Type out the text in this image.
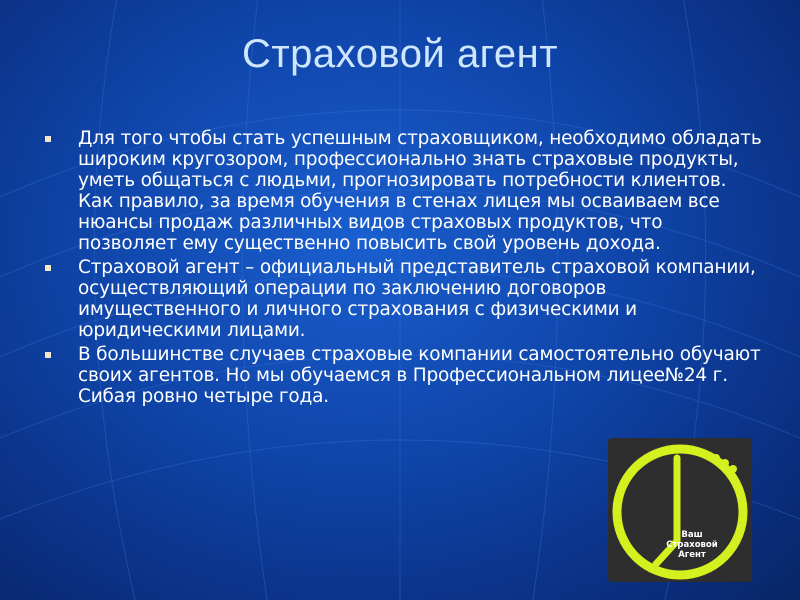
Страховой агент
Для того чтобы стать успешным страховщиком, необходимо обладать широким кругозором, профессионально знать страховые продукты, уметь общаться с людьми, прогнозировать потребности клиентов. Как правило, за время обучения в стенах лицея мы осваиваем все нюансы продаж различных видов страховых продуктов, что позволяет ему существенно повысить свой уровень дохода.
Страховой агент – официальный представитель страховой компании, осуществляющий операции по заключению договоров имущественного и личного страхования с физическими и юридическими лицами.
В большинстве случаев страховые компании самостоятельно обучают своих агентов. Но мы обучаемся в Профессиональном лицее№24 г. Сибая ровно четыре года.
Ваш
Страховой
Агент
